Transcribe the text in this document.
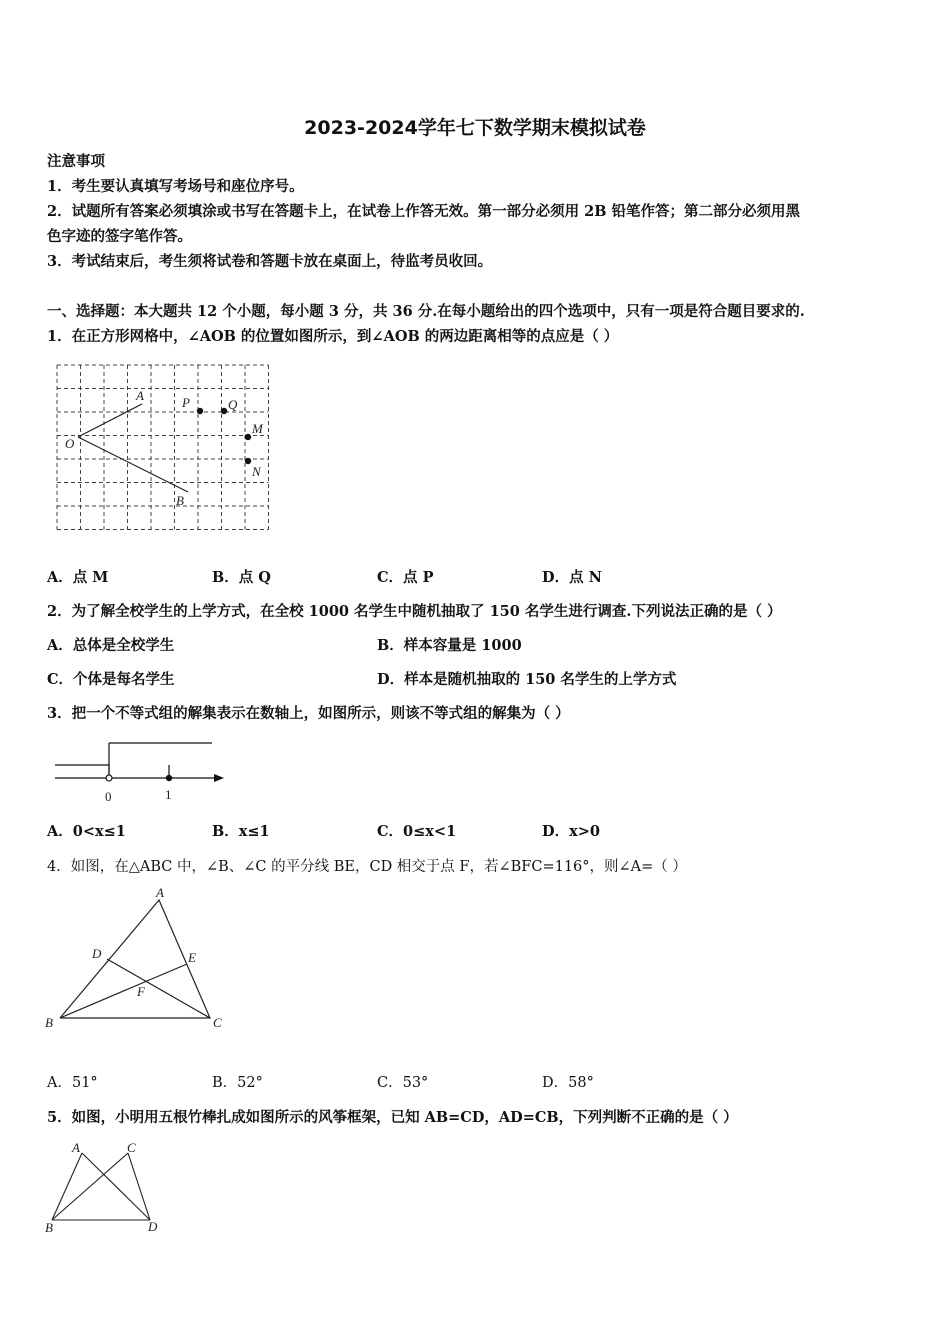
2023-2024学年七下数学期末模拟试卷
注意事项
1．考生要认真填写考场号和座位序号。
2．试题所有答案必须填涂或书写在答题卡上，在试卷上作答无效。第一部分必须用 2B 铅笔作答；第二部分必须用黑
色字迹的签字笔作答。
3．考试结束后，考生须将试卷和答题卡放在桌面上，待监考员收回。
一、选择题：本大题共 12 个小题，每小题 3 分，共 36 分.在每小题给出的四个选项中，只有一项是符合题目要求的.
1．在正方形网格中，∠AOB 的位置如图所示，到∠AOB 的两边距离相等的点应是（ ）
A
O
B
P	Q
M
N
A．点 M	B．点 Q	C．点 P	D．点 N
2．为了解全校学生的上学方式，在全校 1000 名学生中随机抽取了 150 名学生进行调查.下列说法正确的是（ ）
A．总体是全校学生	B．样本容量是 1000
C．个体是每名学生	D．样本是随机抽取的 150 名学生的上学方式
3．把一个不等式组的解集表示在数轴上，如图所示，则该不等式组的解集为（ ）
0	1
A．0<x≤1	B．x≤1	C．0≤x<1	D．x>0
4．如图，在△ABC 中，∠B、∠C 的平分线 BE，CD 相交于点 F，若∠BFC=116°，则∠A=（ ）
A
B	C
D	E
F
A．51°	B．52°	C．53°	D．58°
5．如图，小明用五根竹棒扎成如图所示的风筝框架，已知 AB=CD，AD=CB，下列判断不正确的是（ ）
A	C
B	D
